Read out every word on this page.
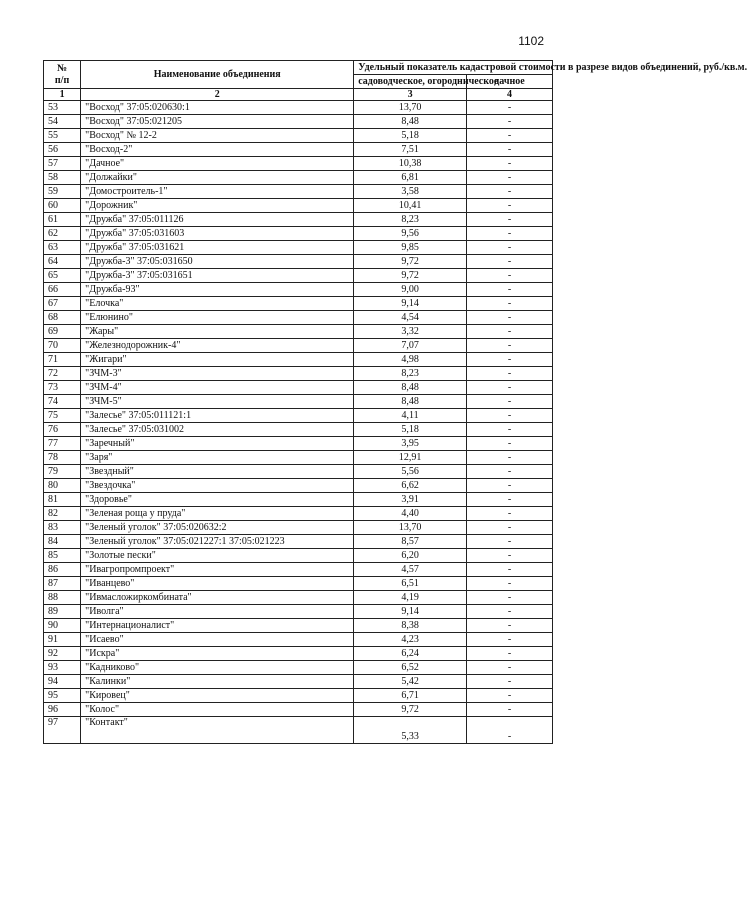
1102
№
п/п	Наименование объединения	Удельный показатель кадастровой стоимости в разрезе видов объединений, руб./кв.м.	
		садоводческое, огородническое	дачное
1	2	3	4
53	"Восход" 37:05:020630:1	13,70	-
54	"Восход" 37:05:021205	8,48	-
55	"Восход" № 12-2	5,18	-
56	"Восход-2"	7,51	-
57	"Дачное"	10,38	-
58	"Должайки"	6,81	-
59	"Домостроитель-1"	3,58	-
60	"Дорожник"	10,41	-
61	"Дружба" 37:05:011126	8,23	-
62	"Дружба" 37:05:031603	9,56	-
63	"Дружба" 37:05:031621	9,85	-
64	"Дружба-3" 37:05:031650	9,72	-
65	"Дружба-3" 37:05:031651	9,72	-
66	"Дружба-93"	9,00	-
67	"Елочка"	9,14	-
68	"Елюнино"	4,54	-
69	"Жары"	3,32	-
70	"Железнодорожник-4"	7,07	-
71	"Жигари"	4,98	-
72	"ЗЧМ-3"	8,23	-
73	"ЗЧМ-4"	8,48	-
74	"ЗЧМ-5"	8,48	-
75	"Залесье" 37:05:011121:1	4,11	-
76	"Залесье" 37:05:031002	5,18	-
77	"Заречный"	3,95	-
78	"Заря"	12,91	-
79	"Звездный"	5,56	-
80	"Звездочка"	6,62	-
81	"Здоровье"	3,91	-
82	"Зеленая роща у пруда"	4,40	-
83	"Зеленый уголок" 37:05:020632:2	13,70	-
84	"Зеленый уголок" 37:05:021227:1 37:05:021223	8,57	-
85	"Золотые пески"	6,20	-
86	"Ивагропромпроект"	4,57	-
87	"Иванцево"	6,51	-
88	"Ивмасложиркомбината"	4,19	-
89	"Иволга"	9,14	-
90	"Интернационалист"	8,38	-
91	"Исаево"	4,23	-
92	"Искра"	6,24	-
93	"Кадниково"	6,52	-
94	"Калинки"	5,42	-
95	"Кировец"	6,71	-
96	"Колос"	9,72	-
97	"Контакт"	5,33	-
